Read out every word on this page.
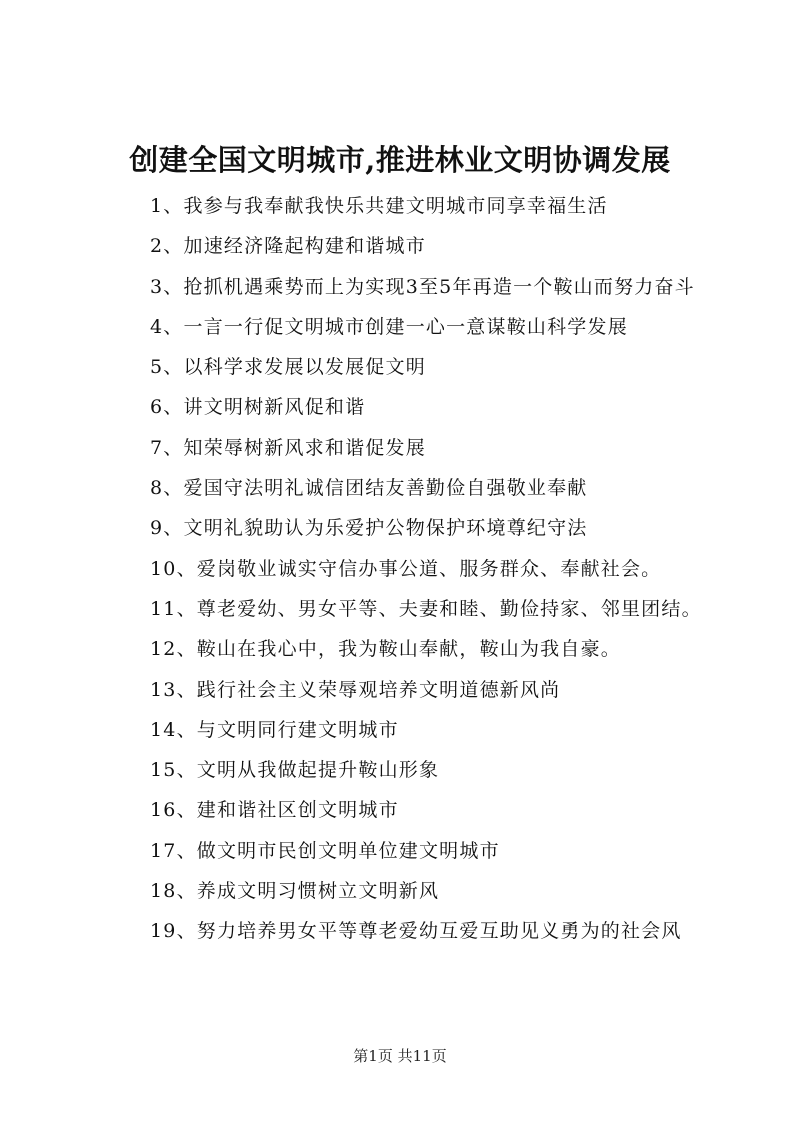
创建全国文明城市,推进林业文明协调发展
1、我参与我奉献我快乐共建文明城市同享幸福生活
2、加速经济隆起构建和谐城市
3、抢抓机遇乘势而上为实现3至5年再造一个鞍山而努力奋斗
4、一言一行促文明城市创建一心一意谋鞍山科学发展
5、以科学求发展以发展促文明
6、讲文明树新风促和谐
7、知荣辱树新风求和谐促发展
8、爱国守法明礼诚信团结友善勤俭自强敬业奉献
9、文明礼貌助认为乐爱护公物保护环境尊纪守法
10、爱岗敬业诚实守信办事公道、服务群众、奉献社会。
11、尊老爱幼、男女平等、夫妻和睦、勤俭持家、邻里团结。
12、鞍山在我心中，我为鞍山奉献，鞍山为我自豪。
13、践行社会主义荣辱观培养文明道德新风尚
14、与文明同行建文明城市
15、文明从我做起提升鞍山形象
16、建和谐社区创文明城市
17、做文明市民创文明单位建文明城市
18、养成文明习惯树立文明新风
19、努力培养男女平等尊老爱幼互爱互助见义勇为的社会风
第1页 共11页
